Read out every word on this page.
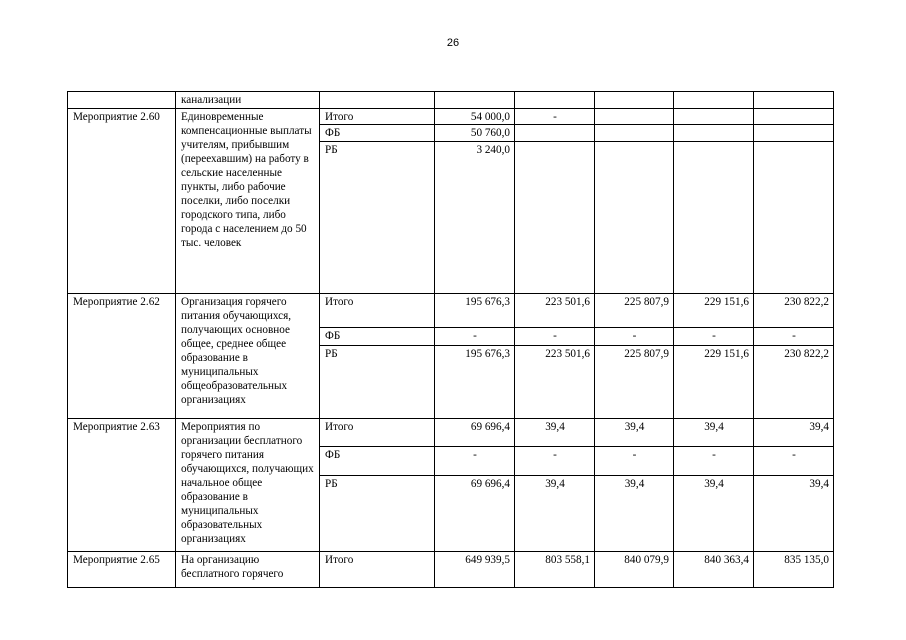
26
	канализации						
Мероприятие 2.60	Единовременные компенсационные выплаты учителям, прибывшим (переехавшим) на работу в сельские населенные пункты, либо рабочие поселки, либо поселки городского типа, либо города с населением до 50 тыс. человек	Итого	54 000,0	-			
		ФБ	50 760,0				
		РБ	3 240,0				
Мероприятие 2.62	Организация горячего питания обучающихся, получающих основное общее, среднее общее образование в муниципальных общеобразовательных организациях	Итого	195 676,3	223 501,6	225 807,9	229 151,6	230 822,2
		ФБ	-	-	-	-	-
		РБ	195 676,3	223 501,6	225 807,9	229 151,6	230 822,2
Мероприятие 2.63	Мероприятия по организации бесплатного горячего питания обучающихся, получающих начальное общее образование в муниципальных образовательных организациях	Итого	69 696,4	39,4	39,4	39,4	39,4
		ФБ	-	-	-	-	-
		РБ	69 696,4	39,4	39,4	39,4	39,4
Мероприятие 2.65	На организацию бесплатного горячего	Итого	649 939,5	803 558,1	840 079,9	840 363,4	835 135,0
